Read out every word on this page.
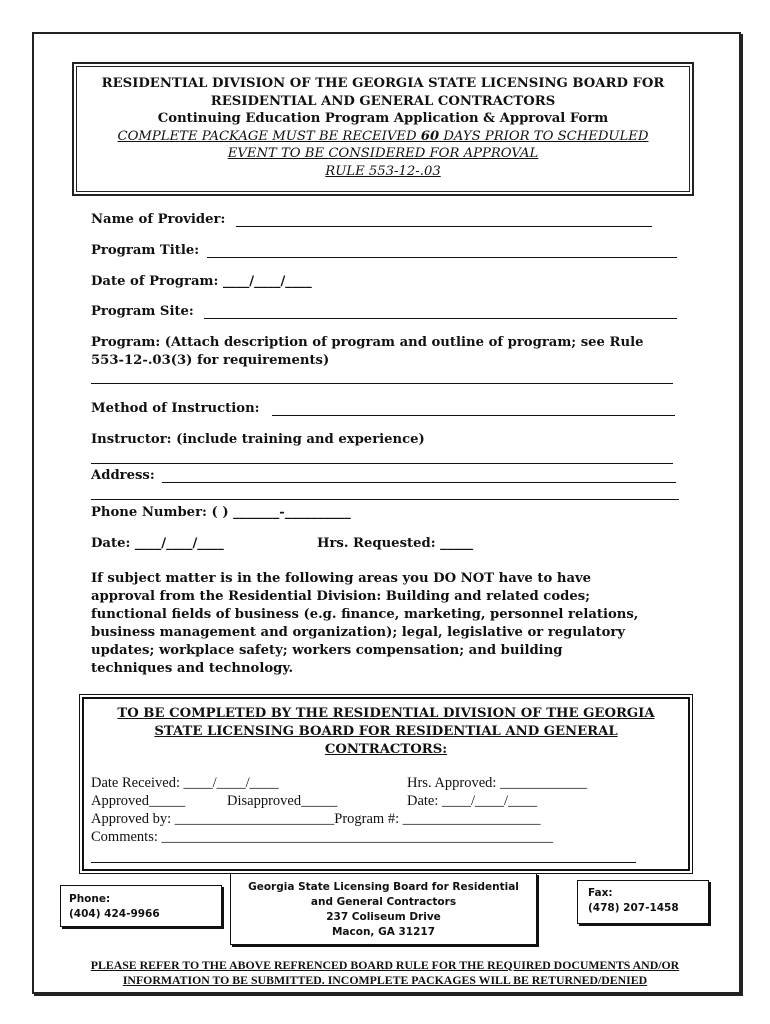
RESIDENTIAL DIVISION OF THE GEORGIA STATE LICENSING BOARD FOR
RESIDENTIAL AND GENERAL CONTRACTORS
Continuing Education Program Application & Approval Form
COMPLETE PACKAGE MUST BE RECEIVED 60 DAYS PRIOR TO SCHEDULED
EVENT TO BE CONSIDERED FOR APPROVAL
RULE 553-12-.03
Name of Provider:
Program Title:
Date of Program: ____/____/____
Program Site:
Program: (Attach description of program and outline of program; see Rule
553-12-.03(3) for requirements)
Method of Instruction:
Instructor: (include training and experience)
Address:
Phone Number: ( ) _______-__________
Date: ____/____/____	Hrs. Requested: _____
If subject matter is in the following areas you DO NOT have to have
approval from the Residential Division: Building and related codes;
functional fields of business (e.g. finance, marketing, personnel relations,
business management and organization); legal, legislative or regulatory
updates; workplace safety; workers compensation; and building
techniques and technology.
TO BE COMPLETED BY THE RESIDENTIAL DIVISION OF THE GEORGIA
STATE LICENSING BOARD FOR RESIDENTIAL AND GENERAL
CONTRACTORS:
Date Received: ____/____/____	Hrs. Approved: ____________
Approved_____	Disapproved_____	Date: ____/____/____
Approved by: ______________________Program #: ___________________
Comments: ______________________________________________________
Phone:
(404) 424-9966
Georgia State Licensing Board for Residential
and General Contractors
237 Coliseum Drive
Macon, GA 31217
Fax:
(478) 207-1458
PLEASE REFER TO THE ABOVE REFRENCED BOARD RULE FOR THE REQUIRED DOCUMENTS AND/OR
INFORMATION TO BE SUBMITTED. INCOMPLETE PACKAGES WILL BE RETURNED/DENIED
